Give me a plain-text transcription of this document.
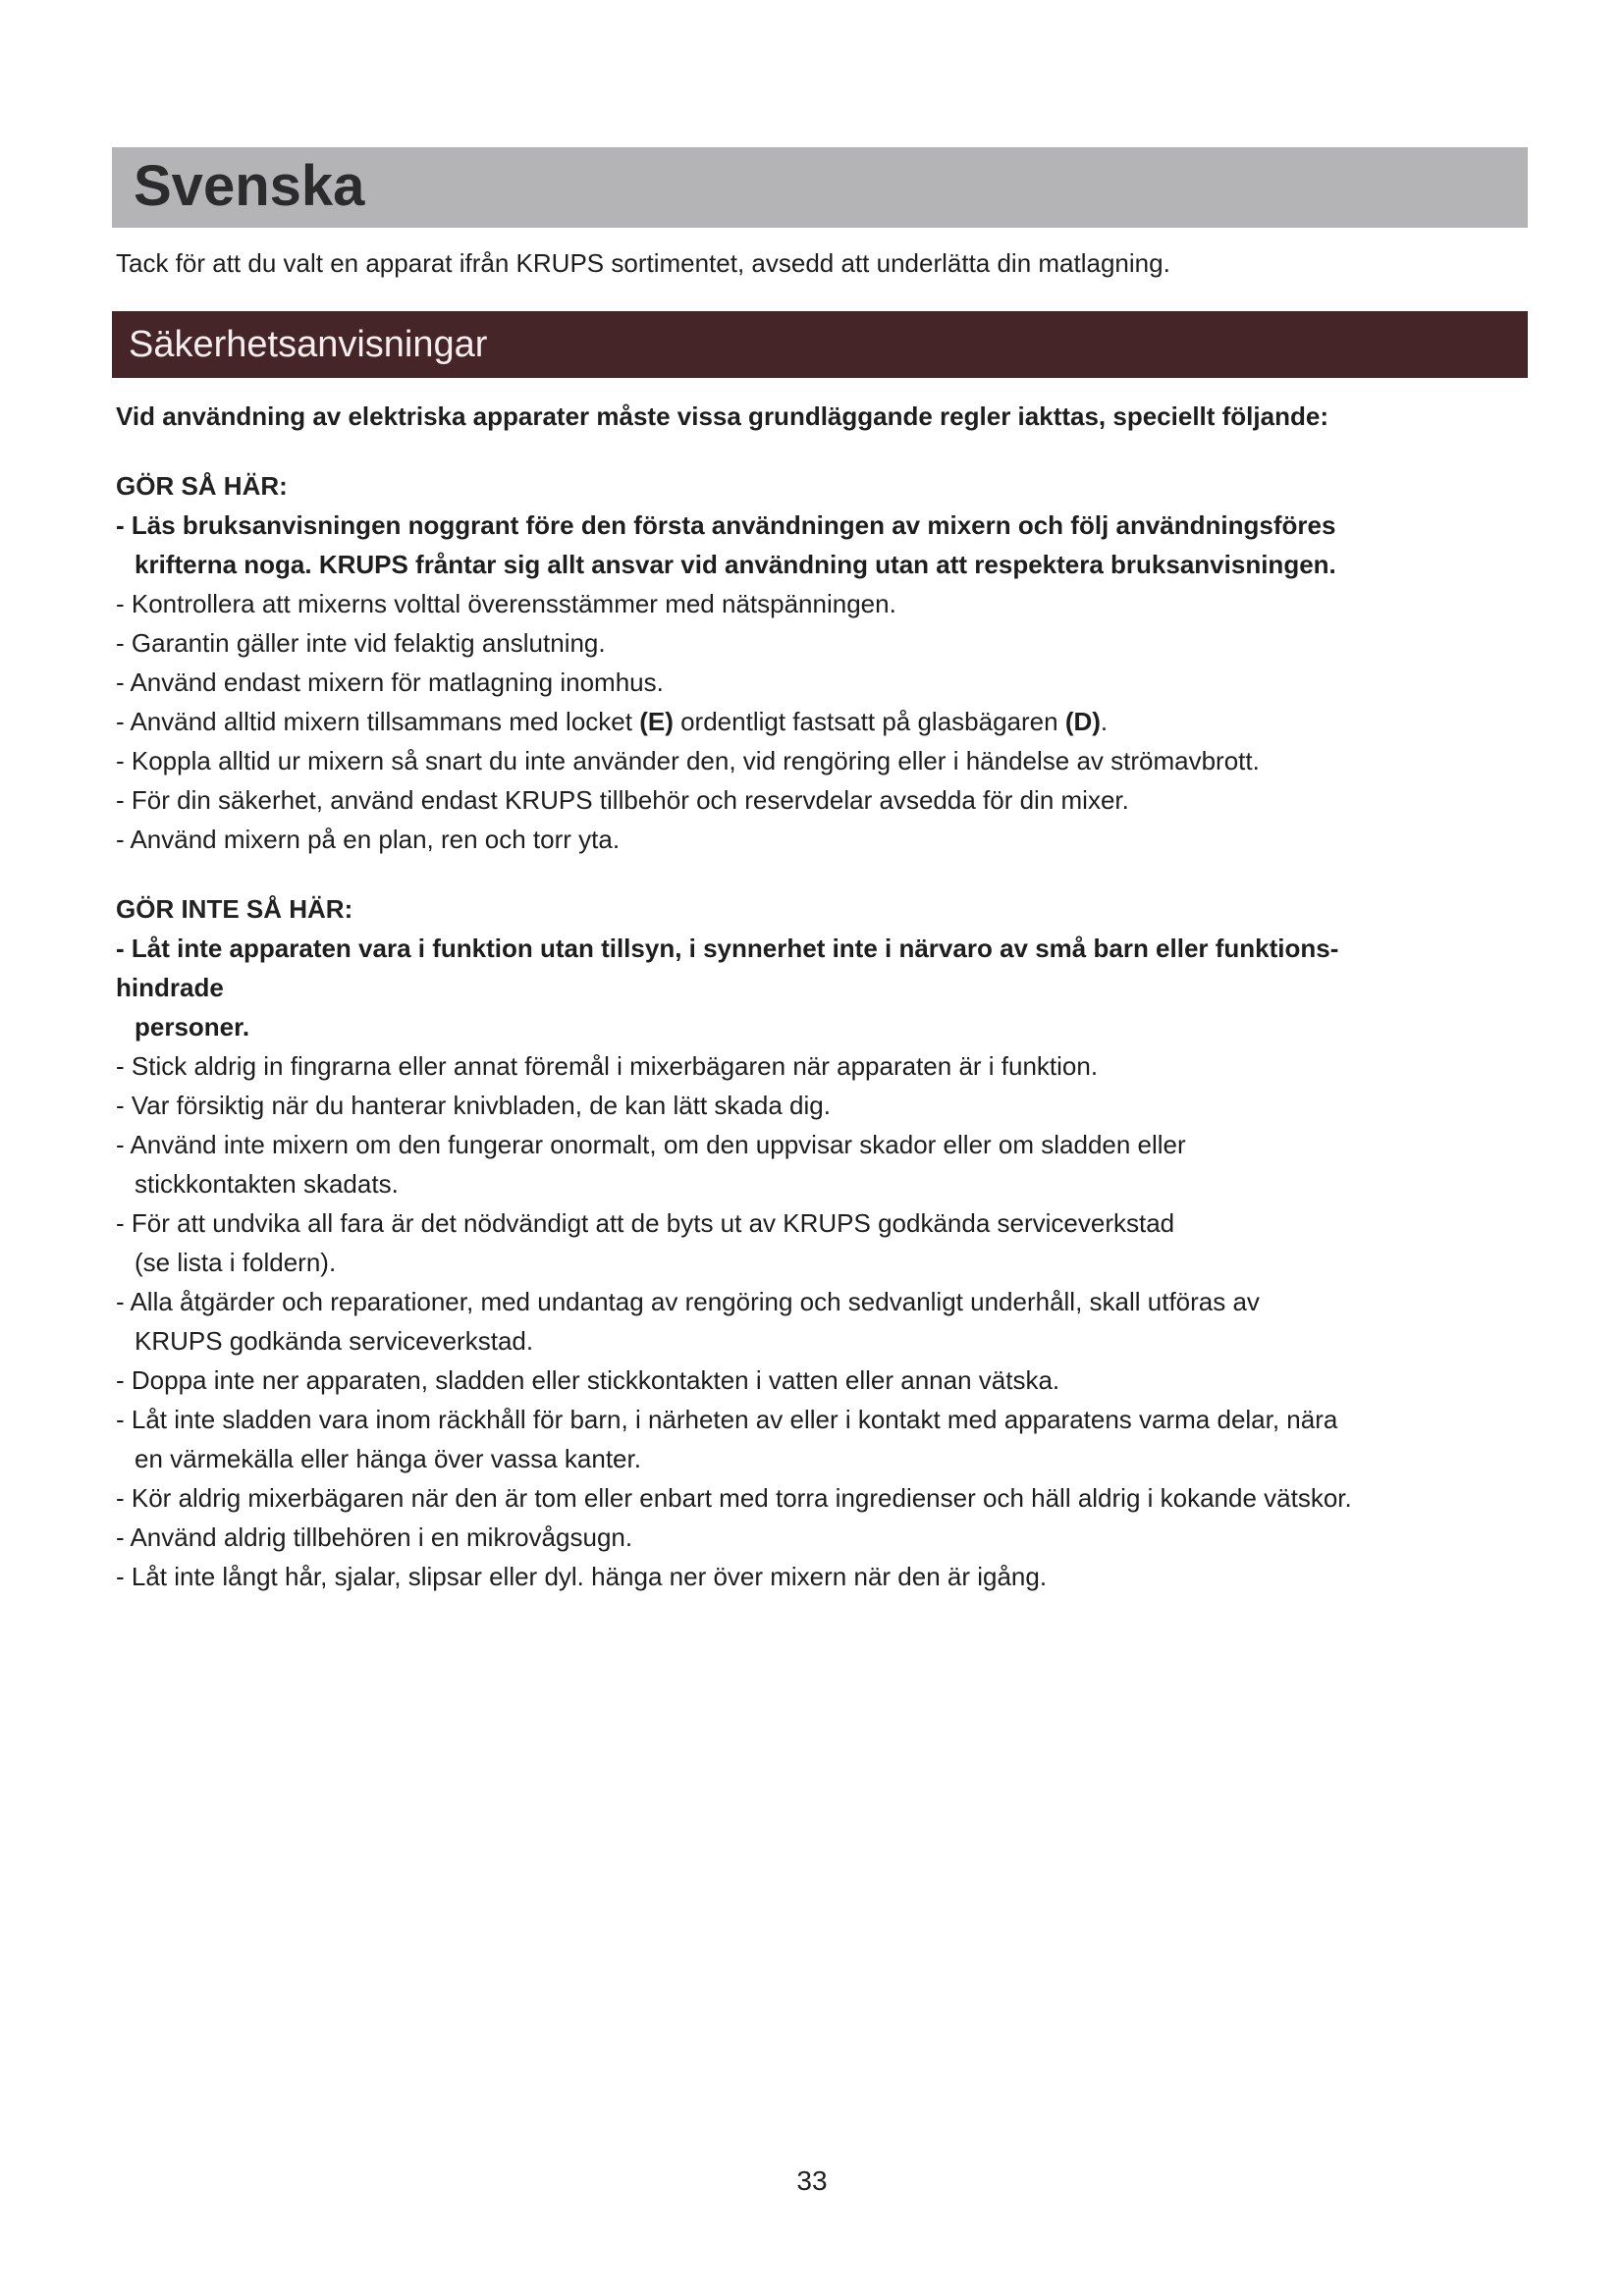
Svenska

Tack för att du valt en apparat ifrån KRUPS sortimentet, avsedd att underlätta din matlagning.

Säkerhetsanvisningar

Vid användning av elektriska apparater måste vissa grundläggande regler iakttas, speciellt följande:

GÖR SÅ HÄR:

- Läs bruksanvisningen noggrant före den första användningen av mixern och följ användningsföres

krifterna noga. KRUPS fråntar sig allt ansvar vid användning utan att respektera bruksanvisningen.

- Kontrollera att mixerns volttal överensstämmer med nätspänningen.

- Garantin gäller inte vid felaktig anslutning.

- Använd endast mixern för matlagning inomhus.

- Använd alltid mixern tillsammans med locket (E) ordentligt fastsatt på glasbägaren (D).

- Koppla alltid ur mixern så snart du inte använder den, vid rengöring eller i händelse av strömavbrott.

- För din säkerhet, använd endast KRUPS tillbehör och reservdelar avsedda för din mixer.

- Använd mixern på en plan, ren och torr yta.

GÖR INTE SÅ HÄR:

- Låt inte apparaten vara i funktion utan tillsyn, i synnerhet inte i närvaro av små barn eller funktions-

hindrade

personer.

- Stick aldrig in fingrarna eller annat föremål i mixerbägaren när apparaten är i funktion.

- Var försiktig när du hanterar knivbladen, de kan lätt skada dig.

- Använd inte mixern om den fungerar onormalt, om den uppvisar skador eller om sladden eller

stickkontakten skadats.

- För att undvika all fara är det nödvändigt att de byts ut av KRUPS godkända serviceverkstad

(se lista i foldern).

- Alla åtgärder och reparationer, med undantag av rengöring och sedvanligt underhåll, skall utföras av

KRUPS godkända serviceverkstad.

- Doppa inte ner apparaten, sladden eller stickkontakten i vatten eller annan vätska.

- Låt inte sladden vara inom räckhåll för barn, i närheten av eller i kontakt med apparatens varma delar, nära

en värmekälla eller hänga över vassa kanter.

- Kör aldrig mixerbägaren när den är tom eller enbart med torra ingredienser och häll aldrig i kokande vätskor.

- Använd aldrig tillbehören i en mikrovågsugn.

- Låt inte långt hår, sjalar, slipsar eller dyl. hänga ner över mixern när den är igång.

33
